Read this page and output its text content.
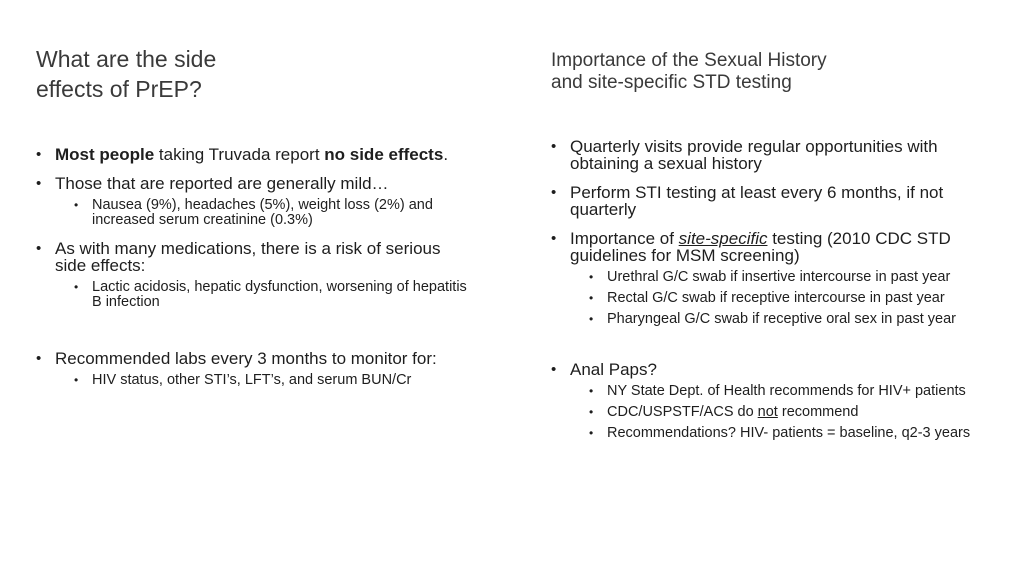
What are the side
effects of PrEP?
Importance of the Sexual History
and site-specific STD testing
• Most people taking Truvada report no side effects.
• Those that are reported are generally mild…
• Nausea (9%), headaches (5%), weight loss (2%) and increased serum creatinine (0.3%)
• As with many medications, there is a risk of serious side effects:
• Lactic acidosis, hepatic dysfunction, worsening of hepatitis B infection
• Recommended labs every 3 months to monitor for:
• HIV status, other STI’s, LFT’s, and serum BUN/Cr
• Quarterly visits provide regular opportunities with obtaining a sexual history
• Perform STI testing at least every 6 months, if not quarterly
• Importance of site-specific testing (2010 CDC STD guidelines for MSM screening)
• Urethral G/C swab if insertive intercourse in past year
• Rectal G/C swab if receptive intercourse in past year
• Pharyngeal G/C swab if receptive oral sex in past year
• Anal Paps?
• NY State Dept. of Health recommends for HIV+ patients
• CDC/USPSTF/ACS do not recommend
• Recommendations? HIV- patients = baseline, q2-3 years
